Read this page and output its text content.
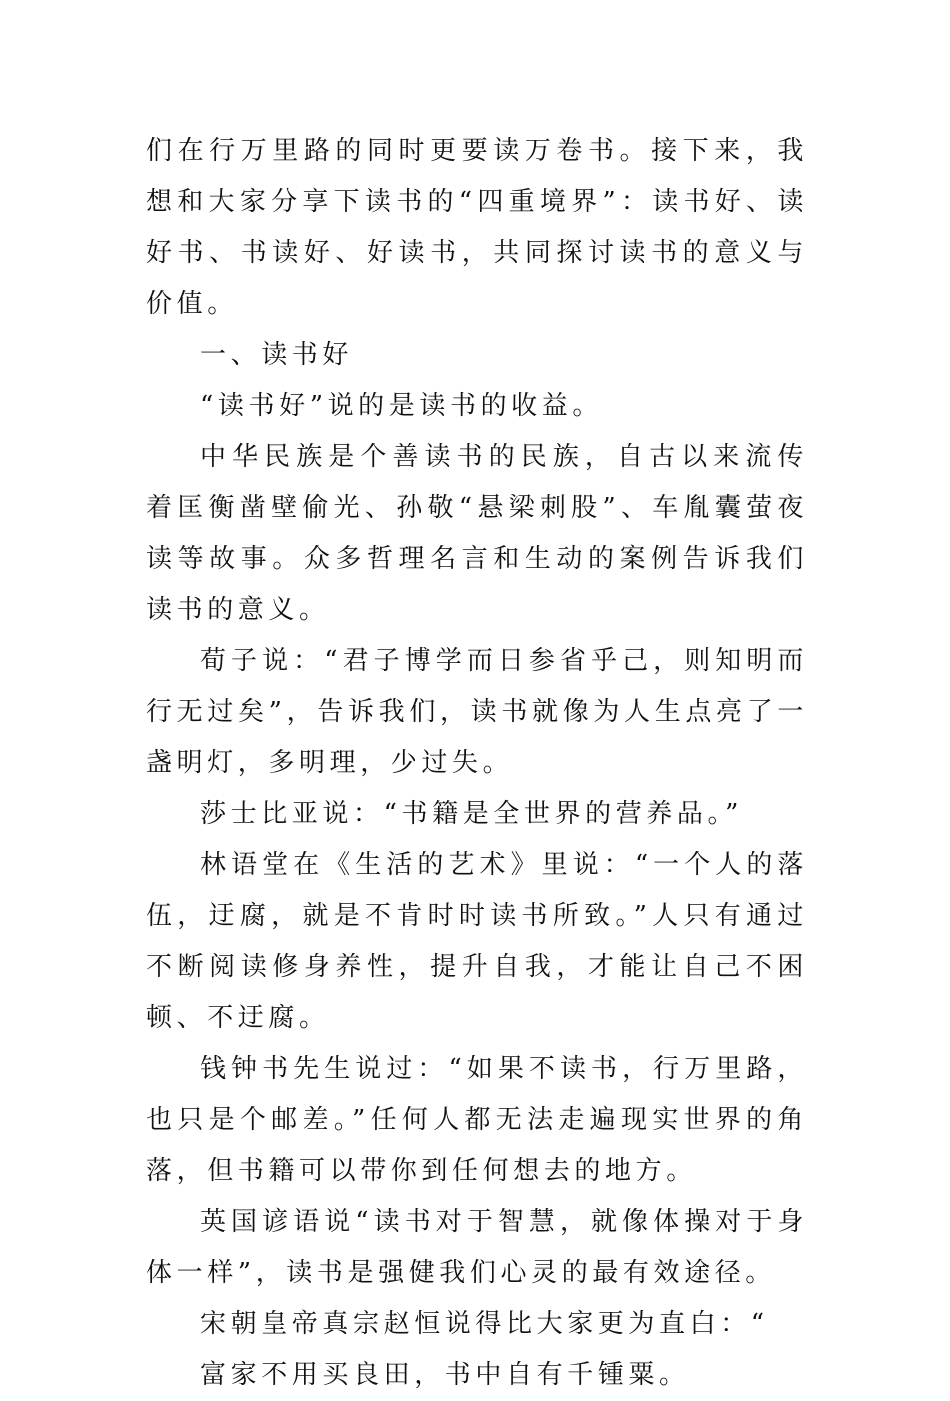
们在行万里路的同时更要读万卷书。接下来，我想和大家分享下读书的“四重境界”：读书好、读好书、书读好、好读书，共同探讨读书的意义与价值。

一、读书好

“读书好”说的是读书的收益。

中华民族是个善读书的民族，自古以来流传着匡衡凿壁偷光、孙敬“悬梁刺股”、车胤囊萤夜读等故事。众多哲理名言和生动的案例告诉我们读书的意义。

荀子说：“君子博学而日参省乎己，则知明而行无过矣”，告诉我们，读书就像为人生点亮了一盏明灯，多明理，少过失。

莎士比亚说：“书籍是全世界的营养品。”

林语堂在《生活的艺术》里说：“一个人的落伍，迂腐，就是不肯时时读书所致。”人只有通过不断阅读修身养性，提升自我，才能让自己不困顿、不迂腐。

钱钟书先生说过：“如果不读书，行万里路，也只是个邮差。”任何人都无法走遍现实世界的角落，但书籍可以带你到任何想去的地方。

英国谚语说“读书对于智慧，就像体操对于身体一样”，读书是强健我们心灵的最有效途径。

宋朝皇帝真宗赵恒说得比大家更为直白：“

富家不用买良田，书中自有千锺粟。
